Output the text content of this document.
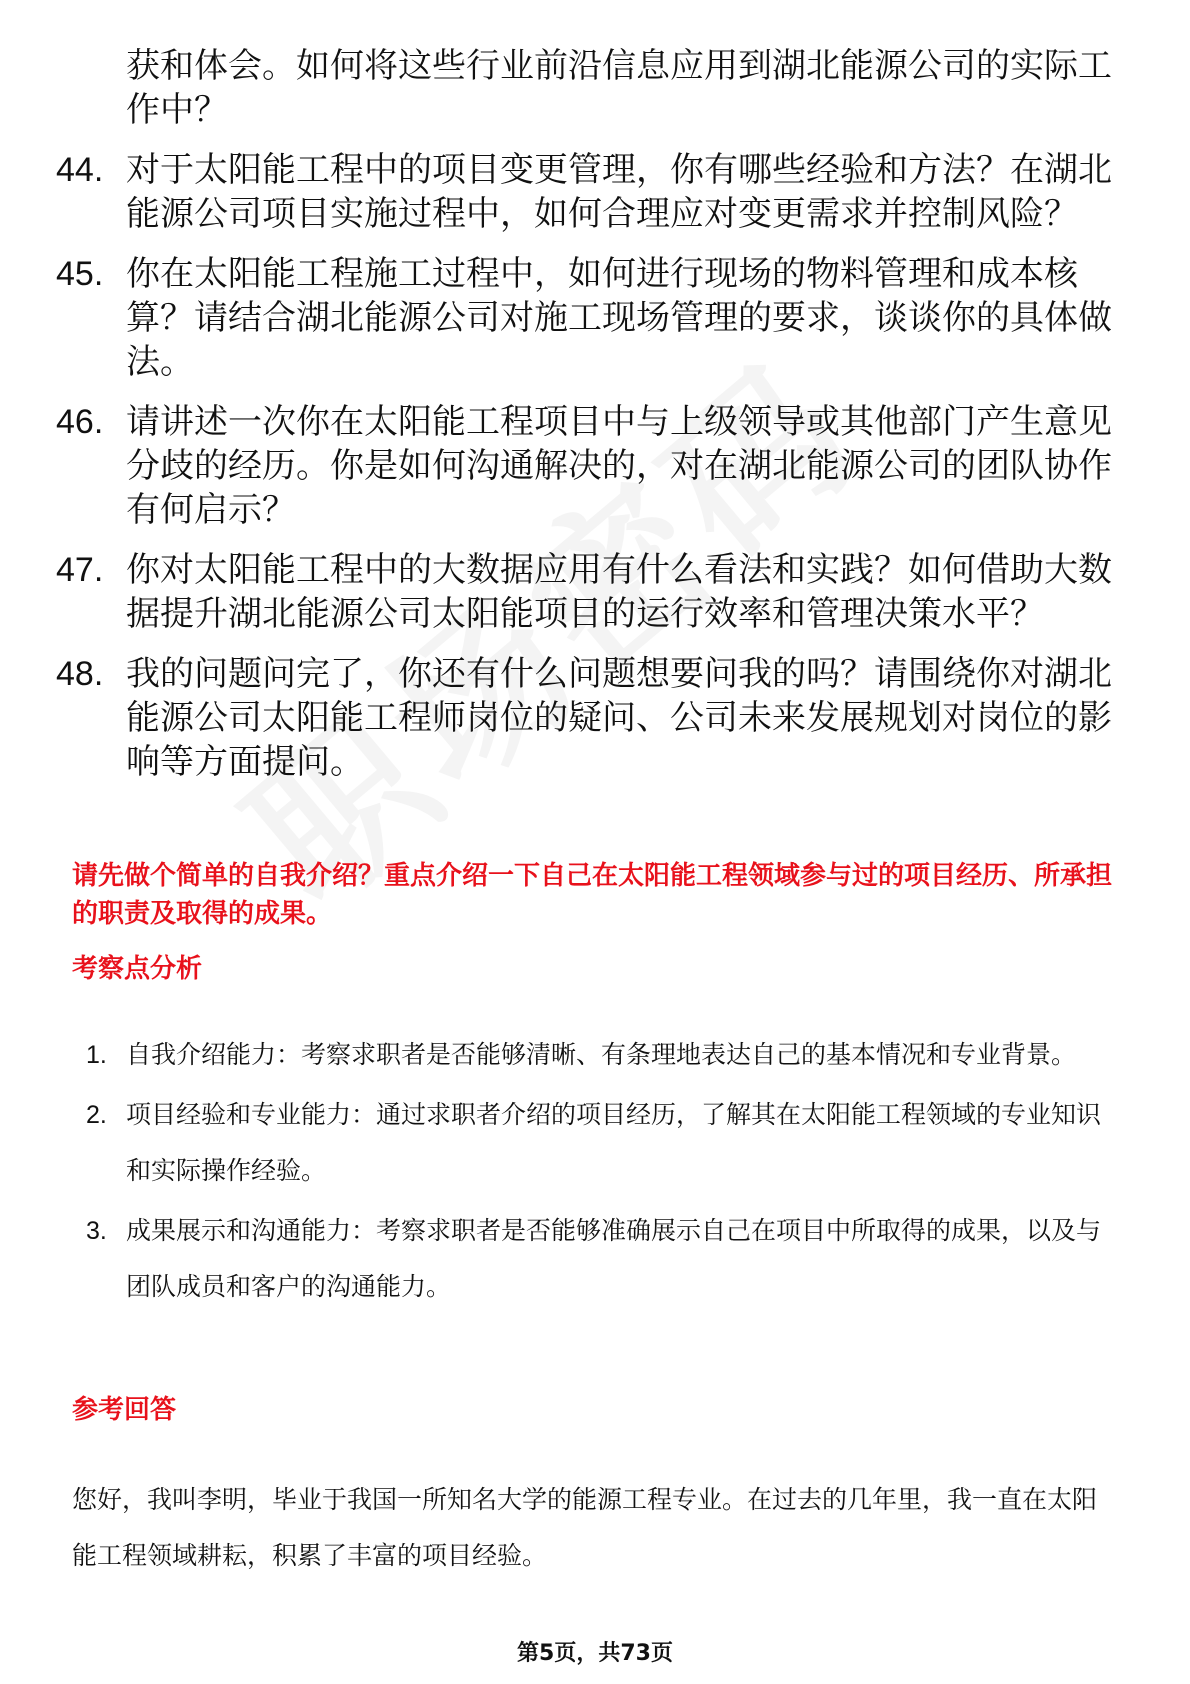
获和体会。如何将这些行业前沿信息应用到湖北能源公司的实际工作中？
44. 对于太阳能工程中的项目变更管理，你有哪些经验和方法？在湖北能源公司项目实施过程中，如何合理应对变更需求并控制风险？
45. 你在太阳能工程施工过程中，如何进行现场的物料管理和成本核算？请结合湖北能源公司对施工现场管理的要求，谈谈你的具体做法。
46. 请讲述一次你在太阳能工程项目中与上级领导或其他部门产生意见分歧的经历。你是如何沟通解决的，对在湖北能源公司的团队协作有何启示？
47. 你对太阳能工程中的大数据应用有什么看法和实践？如何借助大数据提升湖北能源公司太阳能项目的运行效率和管理决策水平？
48. 我的问题问完了，你还有什么问题想要问我的吗？请围绕你对湖北能源公司太阳能工程师岗位的疑问、公司未来发展规划对岗位的影响等方面提问。
请先做个简单的自我介绍？重点介绍一下自己在太阳能工程领域参与过的项目经历、所承担的职责及取得的成果。
考察点分析
1. 自我介绍能力：考察求职者是否能够清晰、有条理地表达自己的基本情况和专业背景。
2. 项目经验和专业能力：通过求职者介绍的项目经历，了解其在太阳能工程领域的专业知识和实际操作经验。
3. 成果展示和沟通能力：考察求职者是否能够准确展示自己在项目中所取得的成果，以及与团队成员和客户的沟通能力。
参考回答
您好，我叫李明，毕业于我国一所知名大学的能源工程专业。在过去的几年里，我一直在太阳能工程领域耕耘，积累了丰富的项目经验。
第5页，共73页
